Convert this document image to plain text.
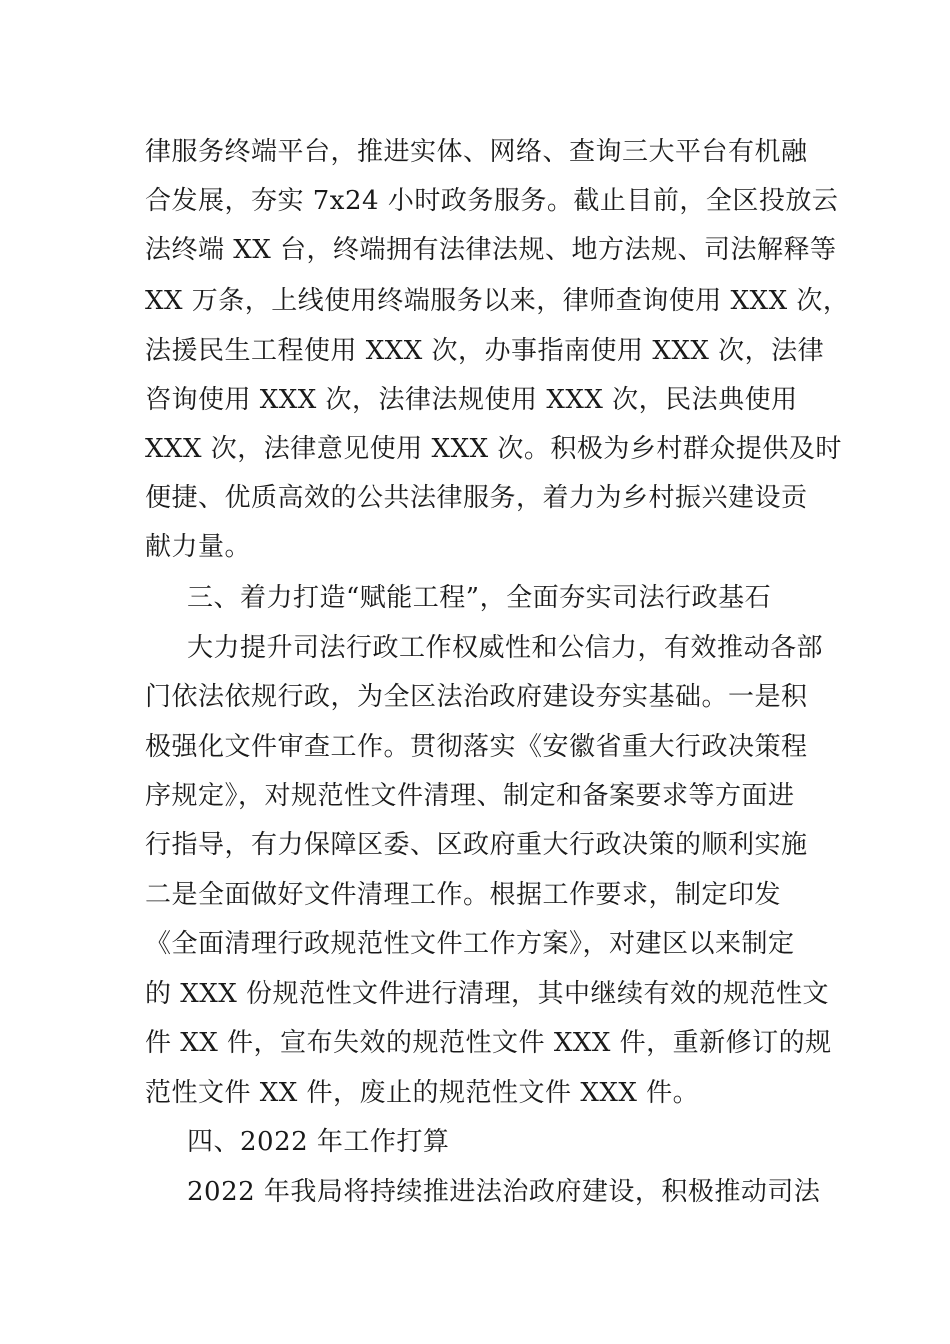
律服务终端平台，推进实体、网络、查询三大平台有机融
合发展，夯实 7x24 小时政务服务。截止目前，全区投放云
法终端 XX 台，终端拥有法律法规、地方法规、司法解释等
XX 万条，上线使用终端服务以来，律师查询使用 XXX 次，
法援民生工程使用 XXX 次，办事指南使用 XXX 次，法律
咨询使用 XXX 次，法律法规使用 XXX 次，民法典使用
XXX 次，法律意见使用 XXX 次。积极为乡村群众提供及时
便捷、优质高效的公共法律服务，着力为乡村振兴建设贡
献力量。
三、着力打造“赋能工程”，全面夯实司法行政基石
大力提升司法行政工作权威性和公信力，有效推动各部
门依法依规行政，为全区法治政府建设夯实基础。一是积
极强化文件审查工作。贯彻落实《安徽省重大行政决策程
序规定》，对规范性文件清理、制定和备案要求等方面进
行指导，有力保障区委、区政府重大行政决策的顺利实施
二是全面做好文件清理工作。根据工作要求，制定印发
《全面清理行政规范性文件工作方案》，对建区以来制定
的 XXX 份规范性文件进行清理，其中继续有效的规范性文
件 XX 件，宣布失效的规范性文件 XXX 件，重新修订的规
范性文件 XX 件，废止的规范性文件 XXX 件。
四、2022 年工作打算
2022 年我局将持续推进法治政府建设，积极推动司法
